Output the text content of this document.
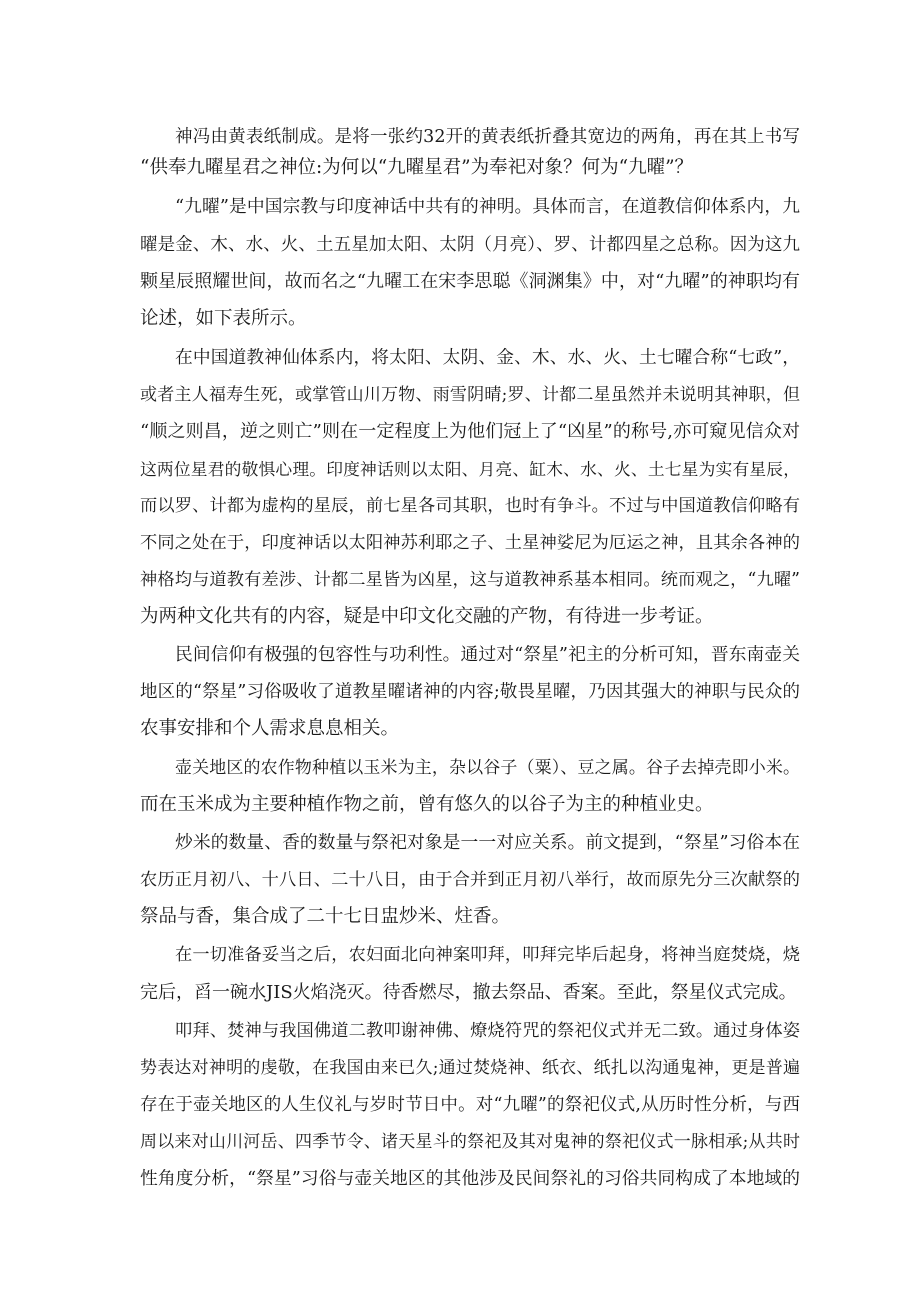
神冯由黄表纸制成。是将一张约32开的黄表纸折叠其宽边的两角，再在其上书写
“供奉九曜星君之神位:为何以“九曜星君”为奉祀对象？何为“九曜”？
“九曜”是中国宗教与印度神话中共有的神明。具体而言，在道教信仰体系内，九
曜是金、木、水、火、土五星加太阳、太阴（月亮）、罗、计都四星之总称。因为这九
颗星辰照耀世间，故而名之“九曜工在宋李思聪《洞渊集》中，对“九曜”的神职均有
论述，如下表所示。
在中国道教神仙体系内，将太阳、太阴、金、木、水、火、土七曜合称“七政”，
或者主人福寿生死，或掌管山川万物、雨雪阴晴;罗、计都二星虽然并未说明其神职，但
“顺之则昌，逆之则亡”则在一定程度上为他们冠上了“凶星”的称号,亦可窥见信众对
这两位星君的敬惧心理。印度神话则以太阳、月亮、缸木、水、火、土七星为实有星辰，
而以罗、计都为虚构的星辰，前七星各司其职，也时有争斗。不过与中国道教信仰略有
不同之处在于，印度神话以太阳神苏利耶之子、土星神娑尼为厄运之神，且其余各神的
神格均与道教有差涉、计都二星皆为凶星，这与道教神系基本相同。统而观之，“九曜”
为两种文化共有的内容，疑是中印文化交融的产物，有待进一步考证。
民间信仰有极强的包容性与功利性。通过对“祭星”祀主的分析可知，晋东南壶关
地区的“祭星”习俗吸收了道教星曜诸神的内容;敬畏星曜，乃因其强大的神职与民众的
农事安排和个人需求息息相关。
壶关地区的农作物种植以玉米为主，杂以谷子（粟）、豆之属。谷子去掉壳即小米。
而在玉米成为主要种植作物之前，曾有悠久的以谷子为主的种植业史。
炒米的数量、香的数量与祭祀对象是一一对应关系。前文提到，“祭星”习俗本在
农历正月初八、十八日、二十八日，由于合并到正月初八举行，故而原先分三次献祭的
祭品与香，集合成了二十七日盅炒米、炷香。
在一切准备妥当之后，农妇面北向神案叩拜，叩拜完毕后起身，将神当庭焚烧，烧
完后，舀一碗水JIS火焰浇灭。待香燃尽，撤去祭品、香案。至此，祭星仪式完成。
叩拜、焚神与我国佛道二教叩谢神佛、燎烧符咒的祭祀仪式并无二致。通过身体姿
势表达对神明的虔敬，在我国由来已久;通过焚烧神、纸衣、纸扎以沟通鬼神，更是普遍
存在于壶关地区的人生仪礼与岁时节日中。对“九曜”的祭祀仪式,从历时性分析，与西
周以来对山川河岳、四季节令、诸天星斗的祭祀及其对鬼神的祭祀仪式一脉相承;从共时
性角度分析，“祭星”习俗与壶关地区的其他涉及民间祭礼的习俗共同构成了本地域的
